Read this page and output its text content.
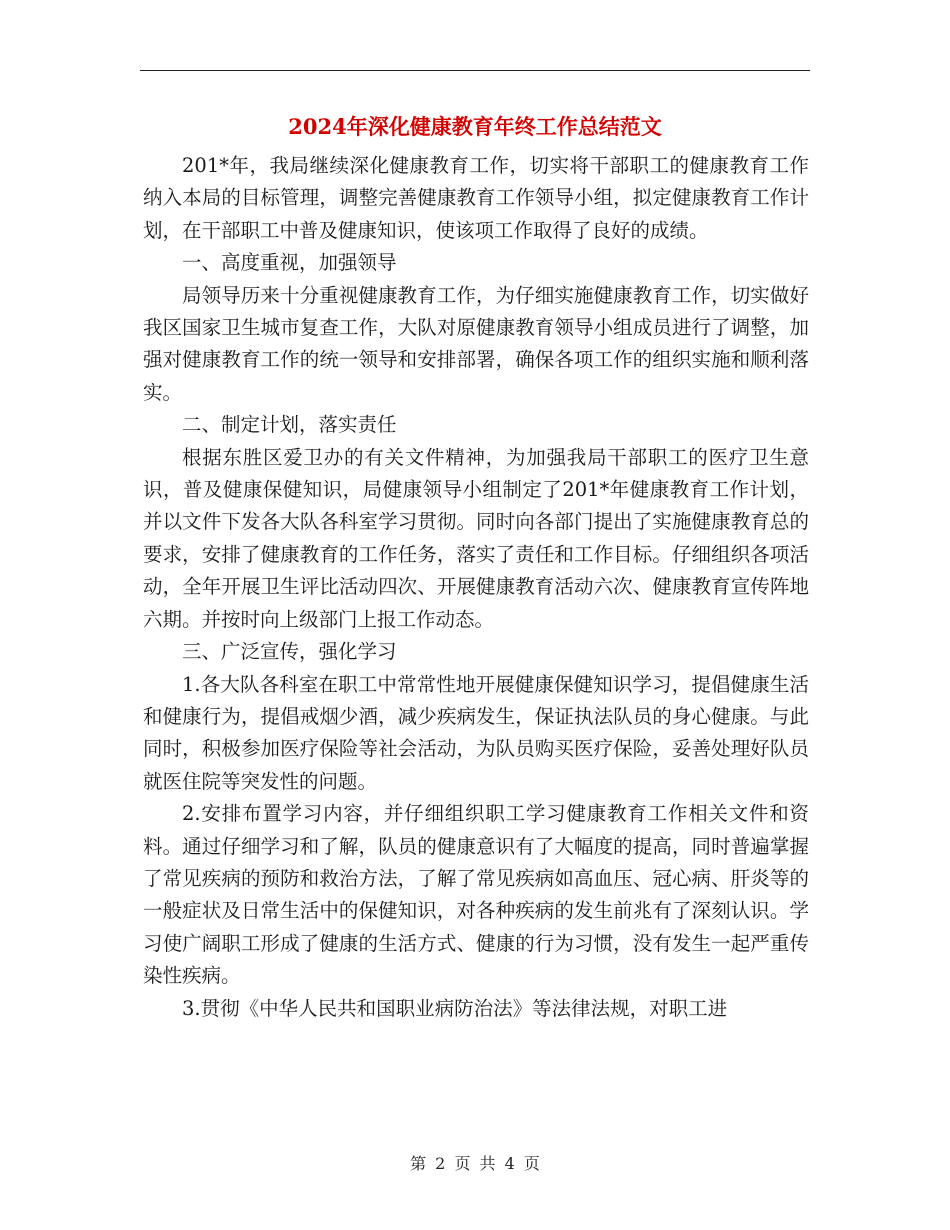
2024年深化健康教育年终工作总结范文

201*年，我局继续深化健康教育工作，切实将干部职工的健康教育工作纳入本局的目标管理，调整完善健康教育工作领导小组，拟定健康教育工作计划，在干部职工中普及健康知识，使该项工作取得了良好的成绩。

一、高度重视，加强领导

局领导历来十分重视健康教育工作，为仔细实施健康教育工作，切实做好我区国家卫生城市复查工作，大队对原健康教育领导小组成员进行了调整，加强对健康教育工作的统一领导和安排部署，确保各项工作的组织实施和顺利落实。

二、制定计划，落实责任

根据东胜区爱卫办的有关文件精神，为加强我局干部职工的医疗卫生意识，普及健康保健知识，局健康领导小组制定了201*年健康教育工作计划，并以文件下发各大队各科室学习贯彻。同时向各部门提出了实施健康教育总的要求，安排了健康教育的工作任务，落实了责任和工作目标。仔细组织各项活动，全年开展卫生评比活动四次、开展健康教育活动六次、健康教育宣传阵地六期。并按时向上级部门上报工作动态。

三、广泛宣传，强化学习

1.各大队各科室在职工中常常性地开展健康保健知识学习，提倡健康生活和健康行为，提倡戒烟少酒，减少疾病发生，保证执法队员的身心健康。与此同时，积极参加医疗保险等社会活动，为队员购买医疗保险，妥善处理好队员就医住院等突发性的问题。

2.安排布置学习内容，并仔细组织职工学习健康教育工作相关文件和资料。通过仔细学习和了解，队员的健康意识有了大幅度的提高，同时普遍掌握了常见疾病的预防和救治方法，了解了常见疾病如高血压、冠心病、肝炎等的一般症状及日常生活中的保健知识，对各种疾病的发生前兆有了深刻认识。学习使广阔职工形成了健康的生活方式、健康的行为习惯，没有发生一起严重传染性疾病。

3.贯彻《中华人民共和国职业病防治法》等法律法规，对职工进

第 2 页 共 4 页
